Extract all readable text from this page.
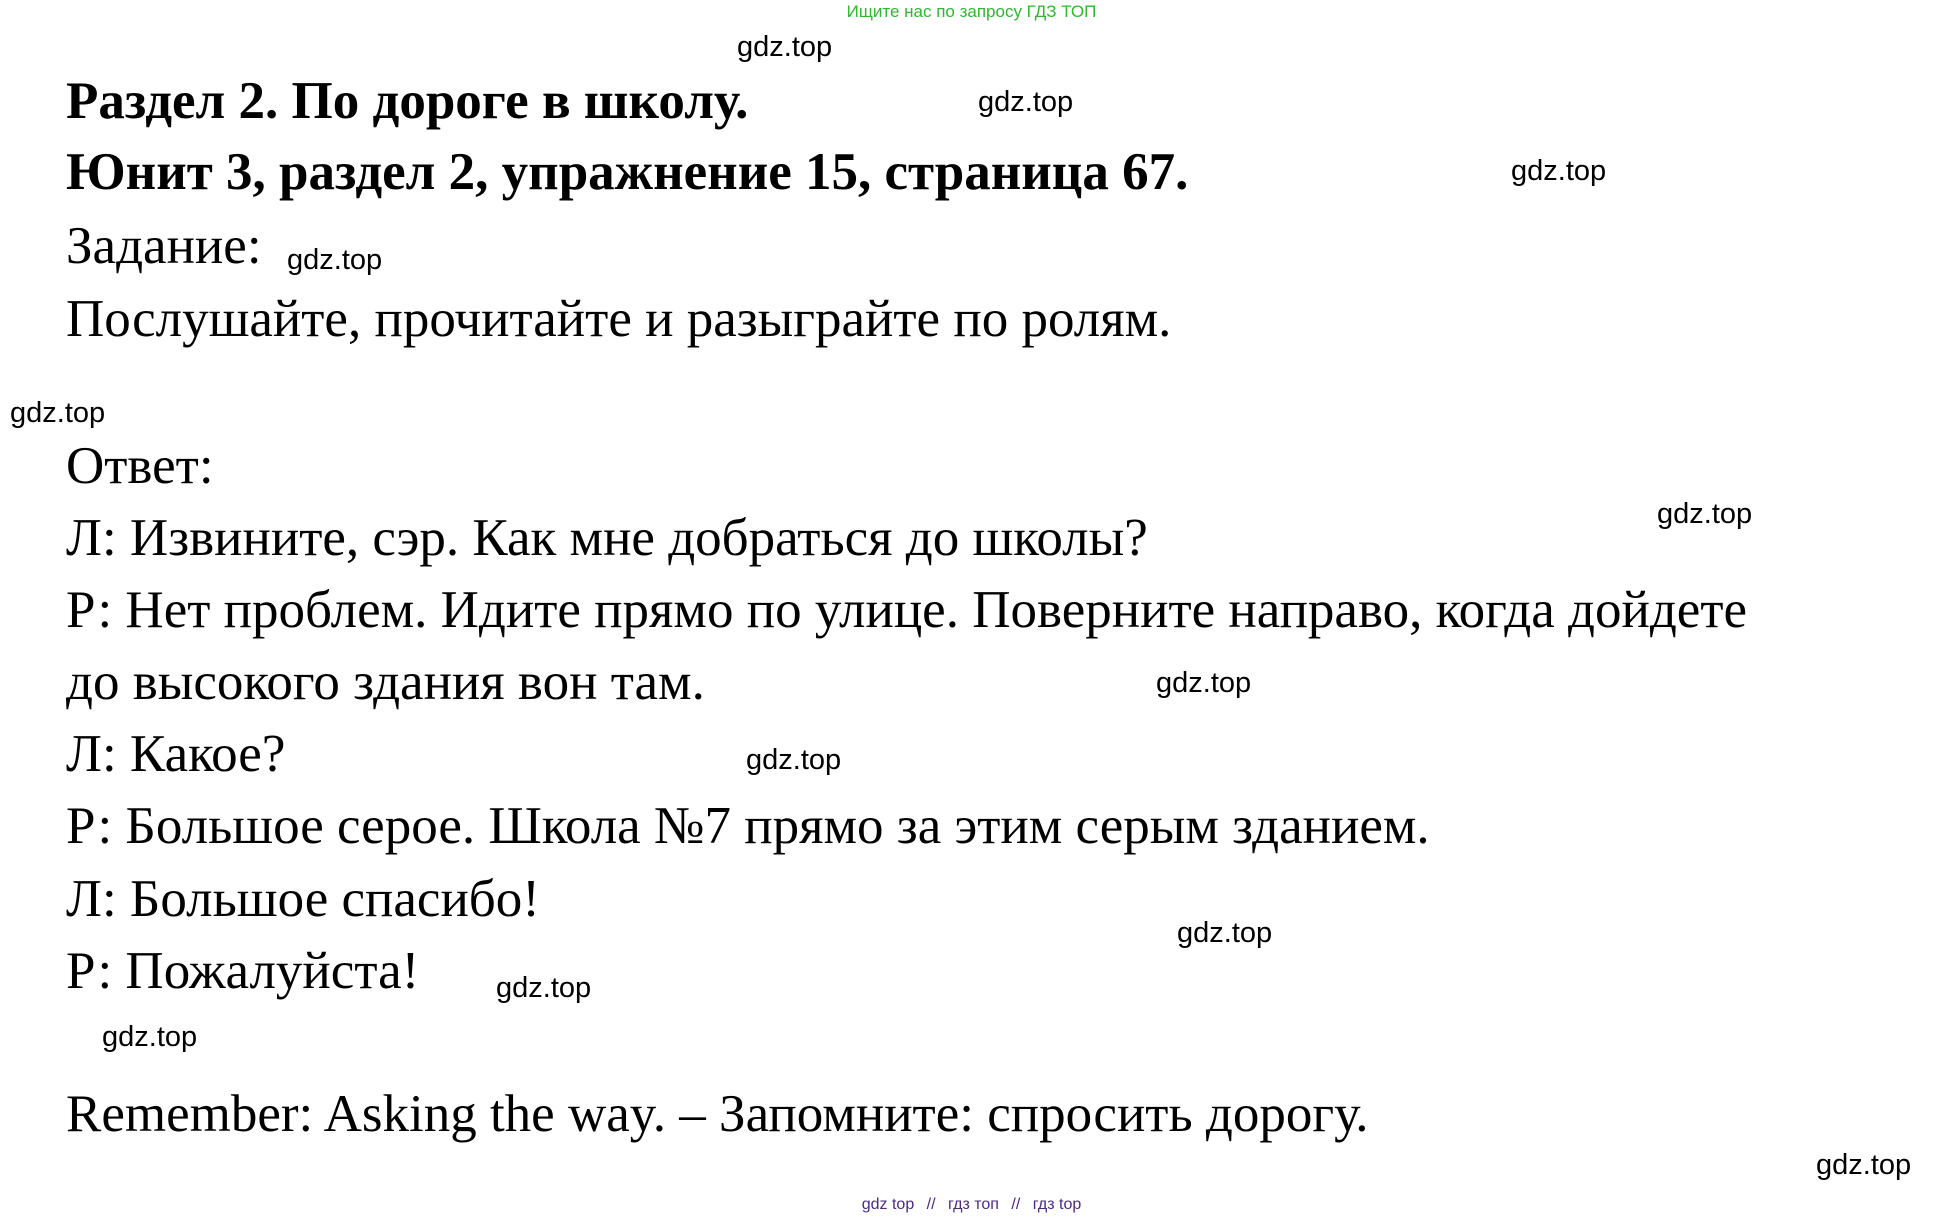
Ищите нас по запросу ГДЗ ТОП
gdz.top
gdz.top
gdz.top
gdz.top
gdz.top
gdz.top
gdz.top
gdz.top
gdz.top
gdz.top
gdz.top
gdz.top
Раздел 2. По дороге в школу.
Юнит 3, раздел 2, упражнение 15, страница 67.
Задание:
Послушайте, прочитайте и разыграйте по ролям.
Ответ:
Л: Извините, сэр. Как мне добраться до школы?
Р: Нет проблем. Идите прямо по улице. Поверните направо, когда дойдете
до высокого здания вон там.
Л: Какое?
Р: Большое серое. Школа №7 прямо за этим серым зданием.
Л: Большое спасибо!
Р: Пожалуйста!
Remember: Asking the way. – Запомните: спросить дорогу.
gdz top // гдз топ // гдз top
